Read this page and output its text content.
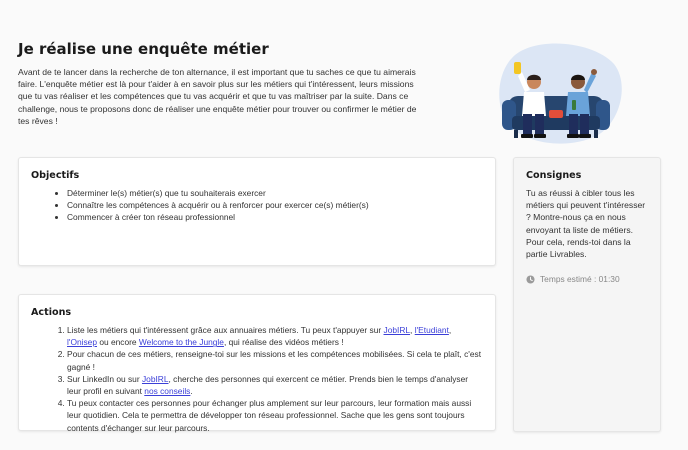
Je réalise une enquête métier

Avant de te lancer dans la recherche de ton alternance, il est important que tu saches ce que tu aimerais faire. L'enquête métier est là pour t'aider à en savoir plus sur les métiers qui t'intéressent, leurs missions que tu vas réaliser et les compétences que tu vas acquérir et que tu vas maîtriser par la suite. Dans ce challenge, nous te proposons donc de réaliser une enquête métier pour trouver ou confirmer le métier de tes rêves !

Objectifs
• Déterminer le(s) métier(s) que tu souhaiterais exercer
• Connaître les compétences à acquérir ou à renforcer pour exercer ce(s) métier(s)
• Commencer à créer ton réseau professionnel
Actions
1. Liste les métiers qui t'intéressent grâce aux annuaires métiers. Tu peux t'appuyer sur JobIRL, l'Etudiant, l'Onisep ou encore Welcome to the Jungle, qui réalise des vidéos métiers !
2. Pour chacun de ces métiers, renseigne-toi sur les missions et les compétences mobilisées. Si cela te plaît, c'est gagné !
3. Sur LinkedIn ou sur JobIRL, cherche des personnes qui exercent ce métier. Prends bien le temps d'analyser leur profil en suivant nos conseils.
4. Tu peux contacter ces personnes pour échanger plus amplement sur leur parcours, leur formation mais aussi leur quotidien. Cela te permettra de développer ton réseau professionnel. Sache que les gens sont toujours contents d'échanger sur leur parcours.
Consignes

Tu as réussi à cibler tous les métiers qui peuvent t'intéresser ? Montre-nous ça en nous envoyant ta liste de métiers. Pour cela, rends-toi dans la partie Livrables.

Temps estimé : 01:30
